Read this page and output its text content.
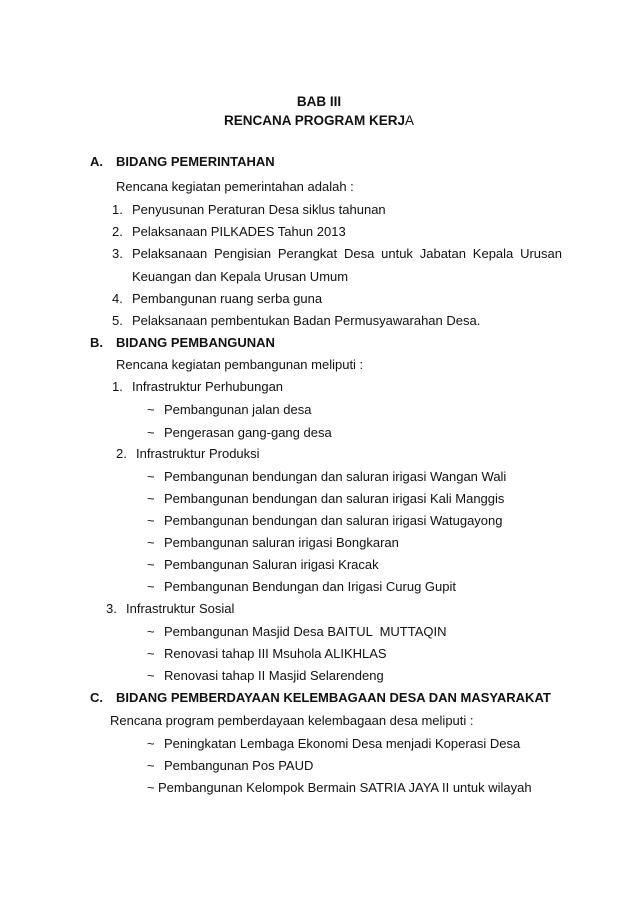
BAB III
RENCANA PROGRAM KERJA
A. BIDANG PEMERINTAHAN
Rencana kegiatan pemerintahan adalah :
1. Penyusunan Peraturan Desa siklus tahunan
2. Pelaksanaan PILKADES Tahun 2013
3. Pelaksanaan Pengisian Perangkat Desa untuk Jabatan Kepala Urusan
Keuangan dan Kepala Urusan Umum
4. Pembangunan ruang serba guna
5. Pelaksanaan pembentukan Badan Permusyawarahan Desa.
B. BIDANG PEMBANGUNAN
Rencana kegiatan pembangunan meliputi :
1. Infrastruktur Perhubungan
~ Pembangunan jalan desa
~ Pengerasan gang-gang desa
2. Infrastruktur Produksi
~ Pembangunan bendungan dan saluran irigasi Wangan Wali
~ Pembangunan bendungan dan saluran irigasi Kali Manggis
~ Pembangunan bendungan dan saluran irigasi Watugayong
~ Pembangunan saluran irigasi Bongkaran
~ Pembangunan Saluran irigasi Kracak
~ Pembangunan Bendungan dan Irigasi Curug Gupit
3. Infrastruktur Sosial
~ Pembangunan Masjid Desa BAITUL  MUTTAQIN
~ Renovasi tahap III Msuhola ALIKHLAS
~ Renovasi tahap II Masjid Selarendeng
C. BIDANG PEMBERDAYAAN KELEMBAGAAN DESA DAN MASYARAKAT
Rencana program pemberdayaan kelembagaan desa meliputi :
~ Peningkatan Lembaga Ekonomi Desa menjadi Koperasi Desa
~ Pembangunan Pos PAUD
~ Pembangunan Kelompok Bermain SATRIA JAYA II untuk wilayah
